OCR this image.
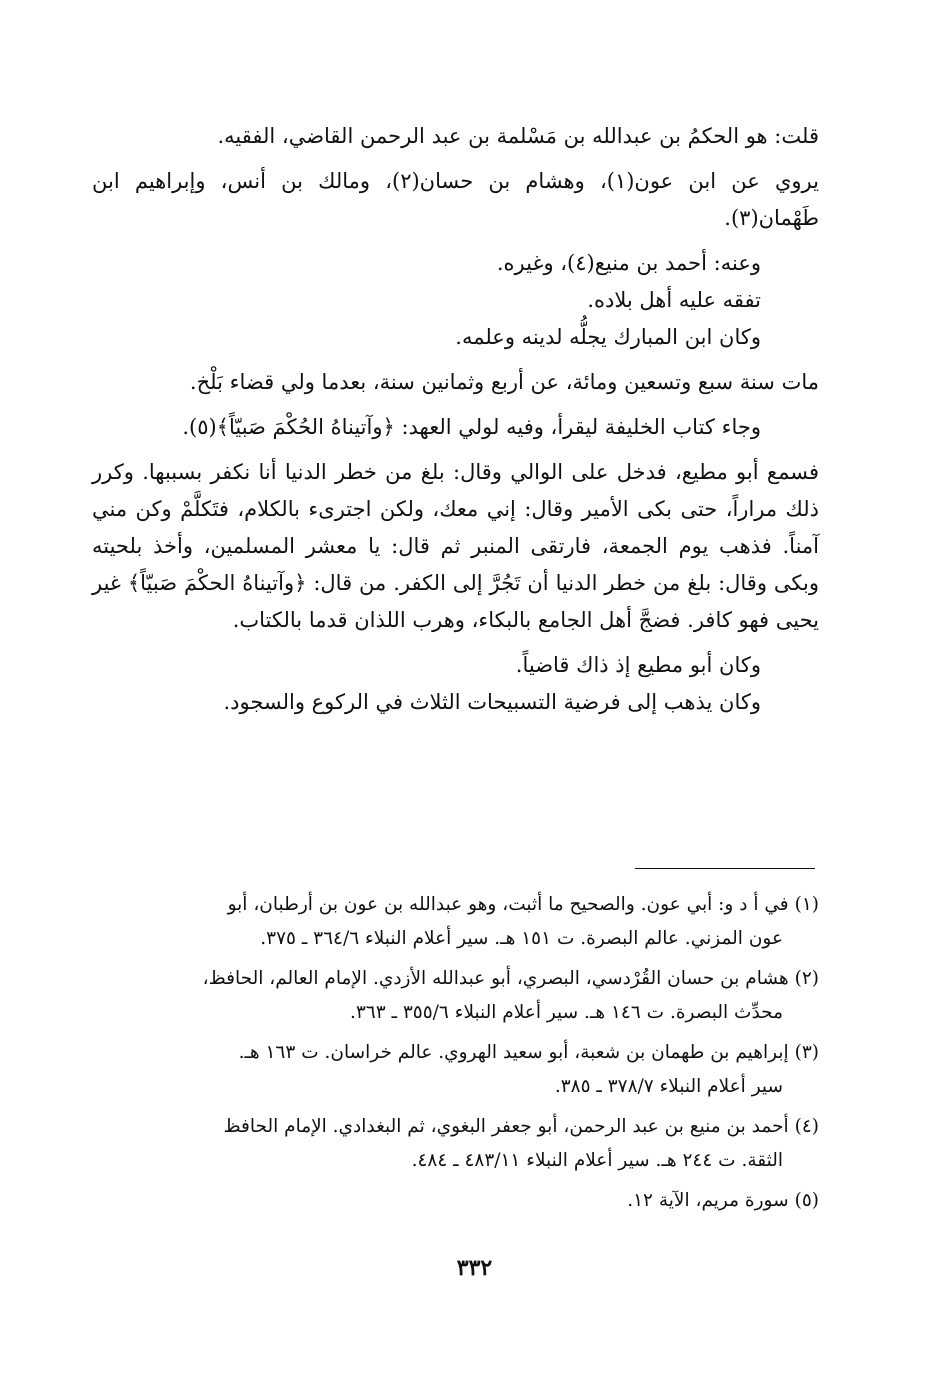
قلت: هو الحكمُ بن عبدالله بن مَسْلمة بن عبد الرحمن القاضي، الفقيه.

يروي عن ابن عون(١)، وهشام بن حسان(٢)، ومالك بن أنس، وإبراهيم ابن طَهْمان(٣).

وعنه: أحمد بن منيع(٤)، وغيره.

تفقه عليه أهل بلاده.

وكان ابن المبارك يجلُّه لدينه وعلمه.

مات سنة سبع وتسعين ومائة، عن أربع وثمانين سنة، بعدما ولي قضاء بَلْخ.

وجاء كتاب الخليفة ليقرأ، وفيه لولي العهد: ﴿وآتيناهُ الحُكْمَ صَبيّاً﴾(٥).

فسمع أبو مطيع، فدخل على الوالي وقال: بلغ من خطر الدنيا أنا نكفر بسببها. وكرر ذلك مراراً، حتى بكى الأمير وقال: إني معك، ولكن اجترىء بالكلام، فتَكلَّمْ وكن مني آمناً. فذهب يوم الجمعة، فارتقى المنبر ثم قال: يا معشر المسلمين، وأخذ بلحيته وبكى وقال: بلغ من خطر الدنيا أن تَجُرَّ إلى الكفر. من قال: ﴿وآتيناهُ الحكْمَ صَبيّاً﴾ غير يحيى فهو كافر. فضجَّ أهل الجامع بالبكاء، وهرب اللذان قدما بالكتاب.

وكان أبو مطيع إذ ذاك قاضياً.

وكان يذهب إلى فرضية التسبيحات الثلاث في الركوع والسجود.

(١)في أ د و: أبي عون. والصحيح ما أثبت، وهو عبدالله بن عون بن أرطبان، أبو
عون المزني. عالم البصرة. ت ١٥١ هـ. سير أعلام النبلاء ٣٦٤/٦ ـ ٣٧٥.
(٢)هشام بن حسان القُرْدسي، البصري، أبو عبدالله الأزدي. الإمام العالم، الحافظ،
محدِّث البصرة. ت ١٤٦ هـ. سير أعلام النبلاء ٣٥٥/٦ ـ ٣٦٣.
(٣)إبراهيم بن طهمان بن شعبة، أبو سعيد الهروي. عالم خراسان. ت ١٦٣ هـ.
سير أعلام النبلاء ٣٧٨/٧ ـ ٣٨٥.
(٤)أحمد بن منيع بن عبد الرحمن، أبو جعفر البغوي، ثم البغدادي. الإمام الحافظ
الثقة. ت ٢٤٤ هـ. سير أعلام النبلاء ٤٨٣/١١ ـ ٤٨٤.
(٥)سورة مريم، الآية ١٢.
٣٣٢
